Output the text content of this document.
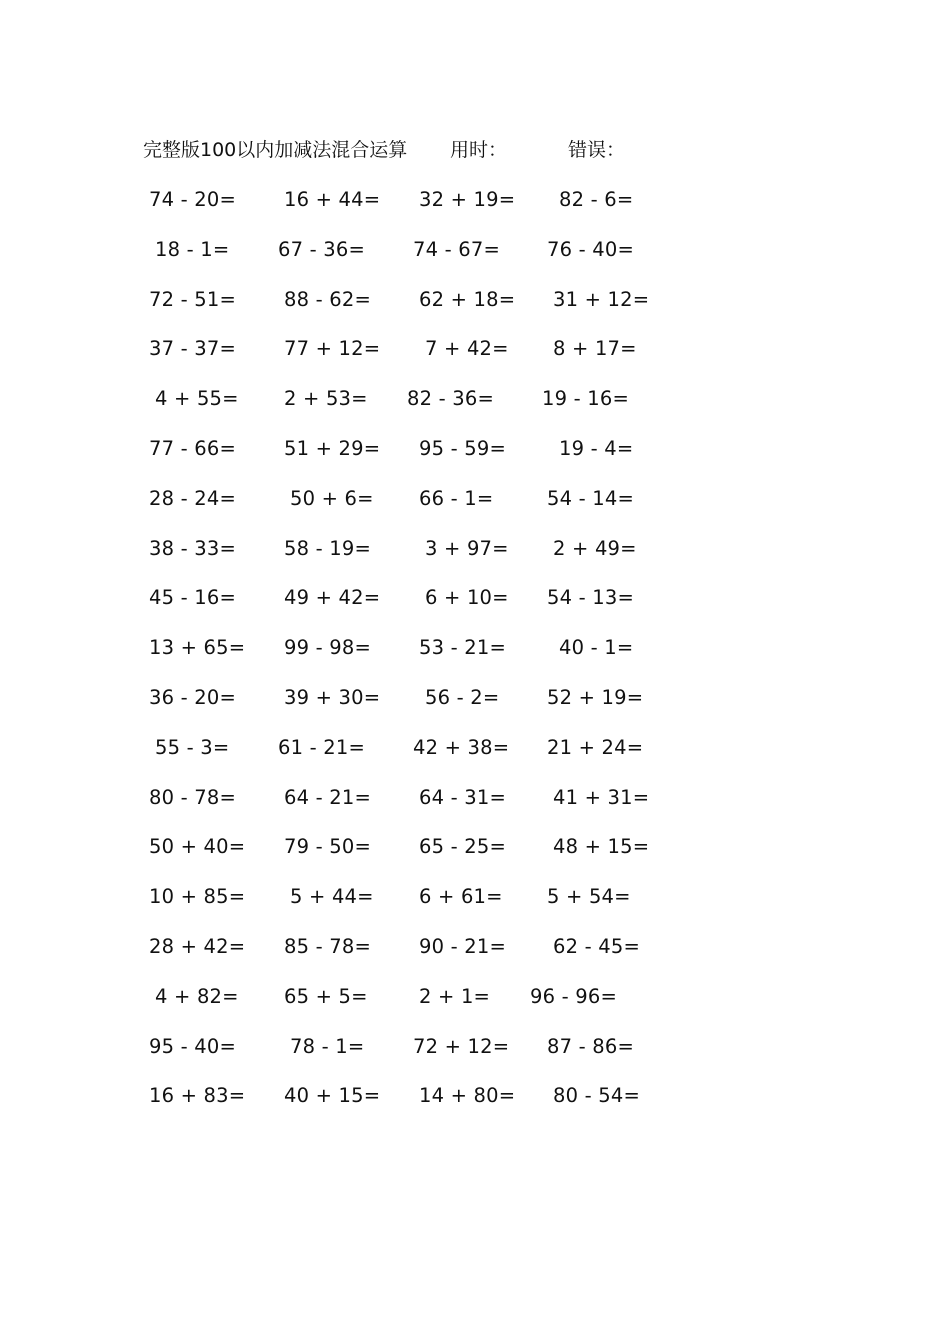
完整版100以内加减法混合运算 用时：	错误：
74 - 20= 16 + 44= 32 + 19= 82 - 6=
18 - 1= 67 - 36= 74 - 67= 76 - 40=
72 - 51= 88 - 62= 62 + 18= 31 + 12=
37 - 37= 77 + 12= 7 + 42= 8 + 17=
4 + 55= 2 + 53= 82 - 36= 19 - 16=
77 - 66= 51 + 29= 95 - 59=	19 - 4=
28 - 24=	50 + 6= 66 - 1=	54 - 14=
38 - 33= 58 - 19=	3 + 97= 2 + 49=
45 - 16= 49 + 42= 6 + 10= 54 - 13=
13 + 65= 99 - 98= 53 - 21=	40 - 1=
36 - 20= 39 + 30= 56 - 2= 52 + 19=
55 - 3= 61 - 21= 42 + 38= 21 + 24=
80 - 78= 64 - 21= 64 - 31= 41 + 31=
50 + 40= 79 - 50= 65 - 25= 48 + 15=
10 + 85= 5 + 44= 6 + 61= 5 + 54=
28 + 42= 85 - 78= 90 - 21= 62 - 45=
4 + 82= 65 + 5=	2 + 1= 96 - 96=
95 - 40=	78 - 1= 72 + 12= 87 - 86=
16 + 83= 40 + 15= 14 + 80= 80 - 54=
